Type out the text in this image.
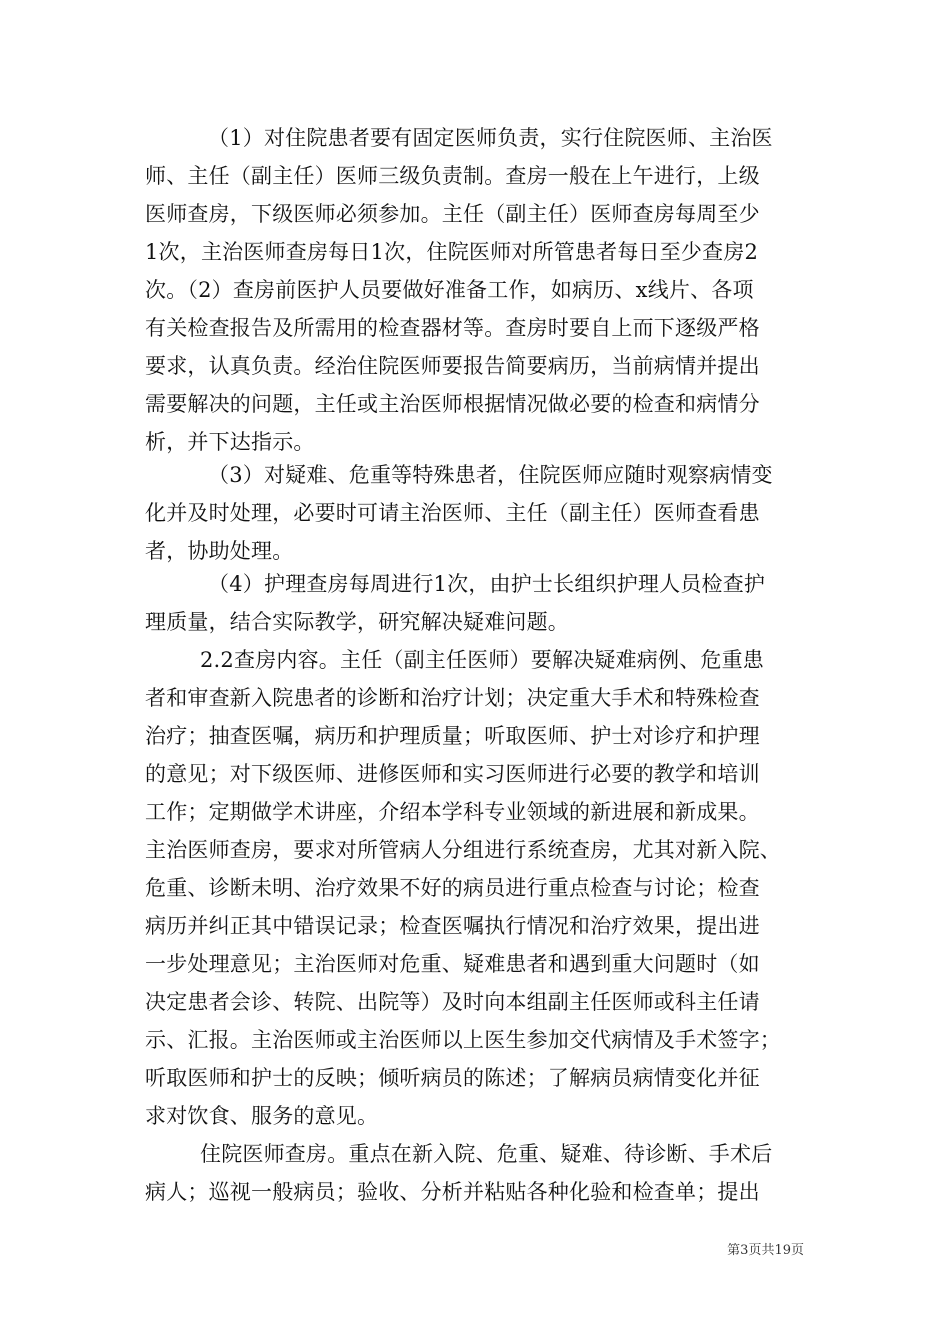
（1）对住院患者要有固定医师负责，实行住院医师、主治医
师、主任（副主任）医师三级负责制。查房一般在上午进行，上级
医师查房，下级医师必须参加。主任（副主任）医师查房每周至少
1次，主治医师查房每日1次，住院医师对所管患者每日至少查房2
次。（2）查房前医护人员要做好准备工作，如病历、x线片、各项
有关检查报告及所需用的检查器材等。查房时要自上而下逐级严格
要求，认真负责。经治住院医师要报告简要病历，当前病情并提出
需要解决的问题，主任或主治医师根据情况做必要的检查和病情分
析，并下达指示。
（3）对疑难、危重等特殊患者，住院医师应随时观察病情变
化并及时处理，必要时可请主治医师、主任（副主任）医师查看患
者，协助处理。
（4）护理查房每周进行1次，由护士长组织护理人员检查护
理质量，结合实际教学，研究解决疑难问题。
2.2查房内容。主任（副主任医师）要解决疑难病例、危重患
者和审查新入院患者的诊断和治疗计划；决定重大手术和特殊检查
治疗；抽查医嘱，病历和护理质量；听取医师、护士对诊疗和护理
的意见；对下级医师、进修医师和实习医师进行必要的教学和培训
工作；定期做学术讲座，介绍本学科专业领域的新进展和新成果。
主治医师查房，要求对所管病人分组进行系统查房，尤其对新入院、
危重、诊断未明、治疗效果不好的病员进行重点检查与讨论；检查
病历并纠正其中错误记录；检查医嘱执行情况和治疗效果，提出进
一步处理意见；主治医师对危重、疑难患者和遇到重大问题时（如
决定患者会诊、转院、出院等）及时向本组副主任医师或科主任请
示、汇报。主治医师或主治医师以上医生参加交代病情及手术签字；
听取医师和护士的反映；倾听病员的陈述；了解病员病情变化并征
求对饮食、服务的意见。
住院医师查房。重点在新入院、危重、疑难、待诊断、手术后
病人；巡视一般病员；验收、分析并粘贴各种化验和检查单；提出
第3页共19页
